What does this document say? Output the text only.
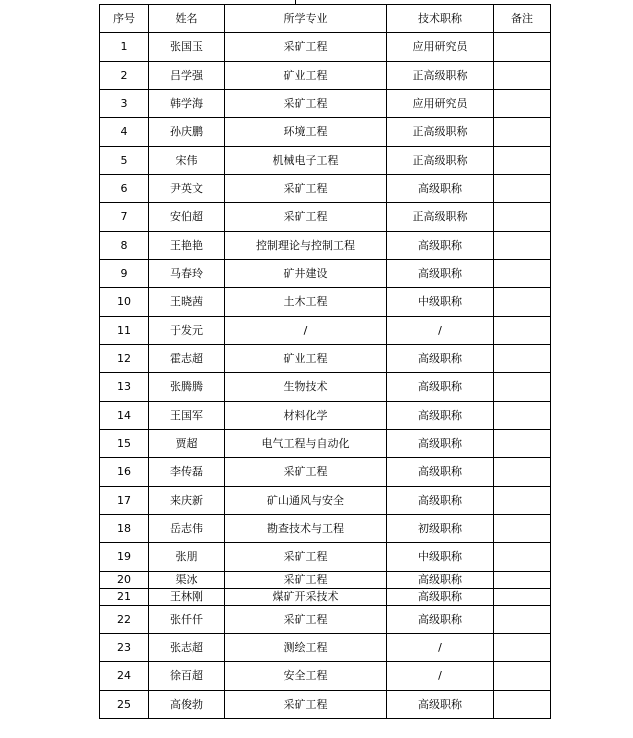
序号	姓名	所学专业	技术职称	备注
1	张国玉	采矿工程	应用研究员	
2	吕学强	矿业工程	正高级职称	
3	韩学海	采矿工程	应用研究员	
4	孙庆鹏	环境工程	正高级职称	
5	宋伟	机械电子工程	正高级职称	
6	尹英文	采矿工程	高级职称	
7	安伯超	采矿工程	正高级职称	
8	王艳艳	控制理论与控制工程	高级职称	
9	马春玲	矿井建设	高级职称	
10	王晓茜	土木工程	中级职称	
11	于发元	/	/	
12	霍志超	矿业工程	高级职称	
13	张腾腾	生物技术	高级职称	
14	王国军	材料化学	高级职称	
15	贾超	电气工程与自动化	高级职称	
16	李传磊	采矿工程	高级职称	
17	来庆新	矿山通风与安全	高级职称	
18	岳志伟	勘查技术与工程	初级职称	
19	张朋	采矿工程	中级职称	
20	渠冰	采矿工程	高级职称	
21	王林刚	煤矿开采技术	高级职称	
22	张仟仟	采矿工程	高级职称	
23	张志超	测绘工程	/	
24	徐百超	安全工程	/	
25	高俊勃	采矿工程	高级职称	
